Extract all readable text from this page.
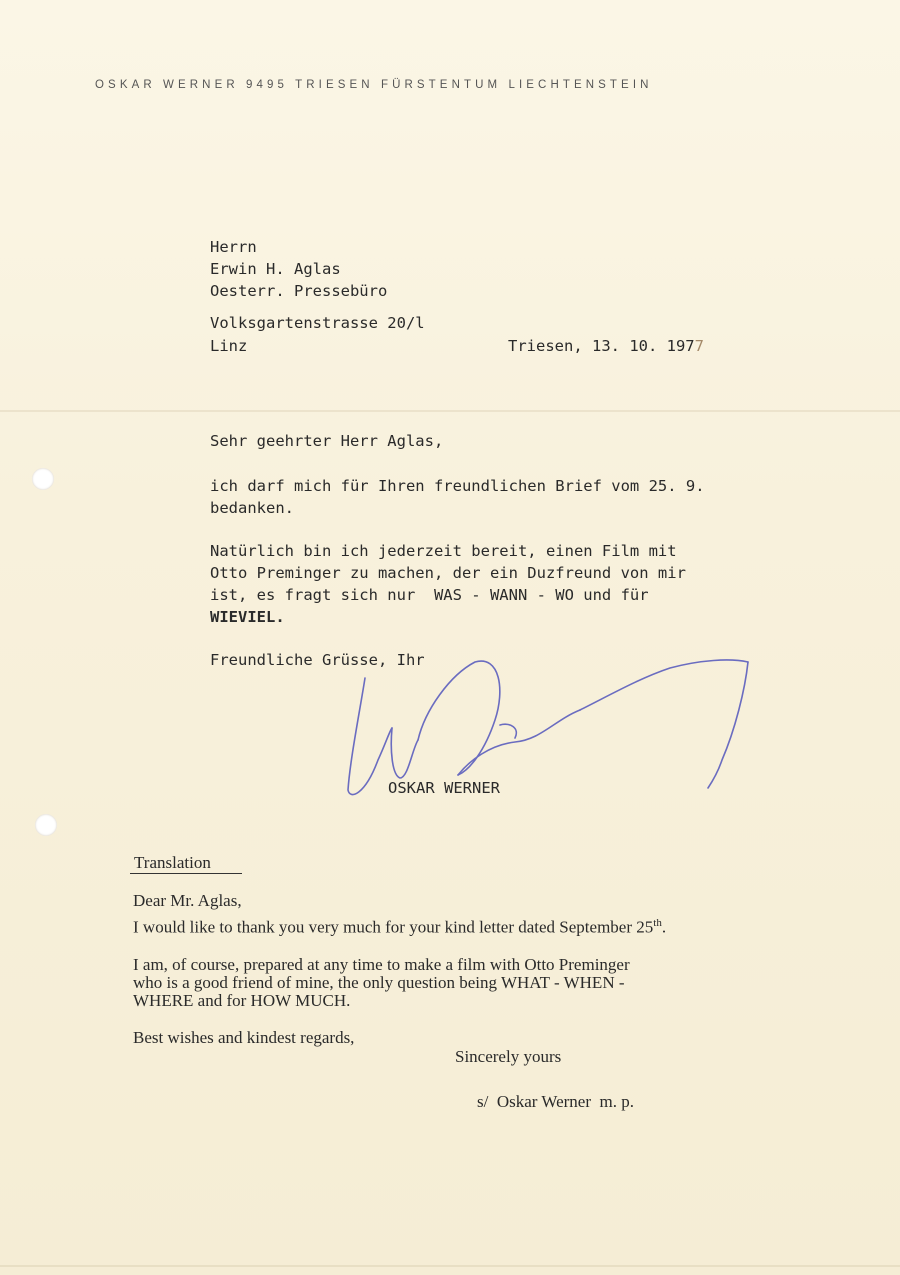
OSKAR WERNER 9495 TRIESEN FÜRSTENTUM LIECHTENSTEIN
Herrn
Erwin H. Aglas
Oesterr. Pressebüro
Volksgartenstrasse 20/l
Linz	Triesen, 13. 10. 1977
Sehr geehrter Herr Aglas,
ich darf mich für Ihren freundlichen Brief vom 25. 9.
bedanken.
Natürlich bin ich jederzeit bereit, einen Film mit
Otto Preminger zu machen, der ein Duzfreund von mir
ist, es fragt sich nur  WAS - WANN - WO und für
WIEVIEL.
Freundliche Grüsse, Ihr
OSKAR WERNER
Translation
Dear Mr. Aglas,
I would like to thank you very much for your kind letter dated September 25th.
I am, of course, prepared at any time to make a film with Otto Preminger
who is a good friend of mine, the only question being WHAT - WHEN -
WHERE and for HOW MUCH.
Best wishes and kindest regards,
Sincerely yours
s/  Oskar Werner  m. p.
